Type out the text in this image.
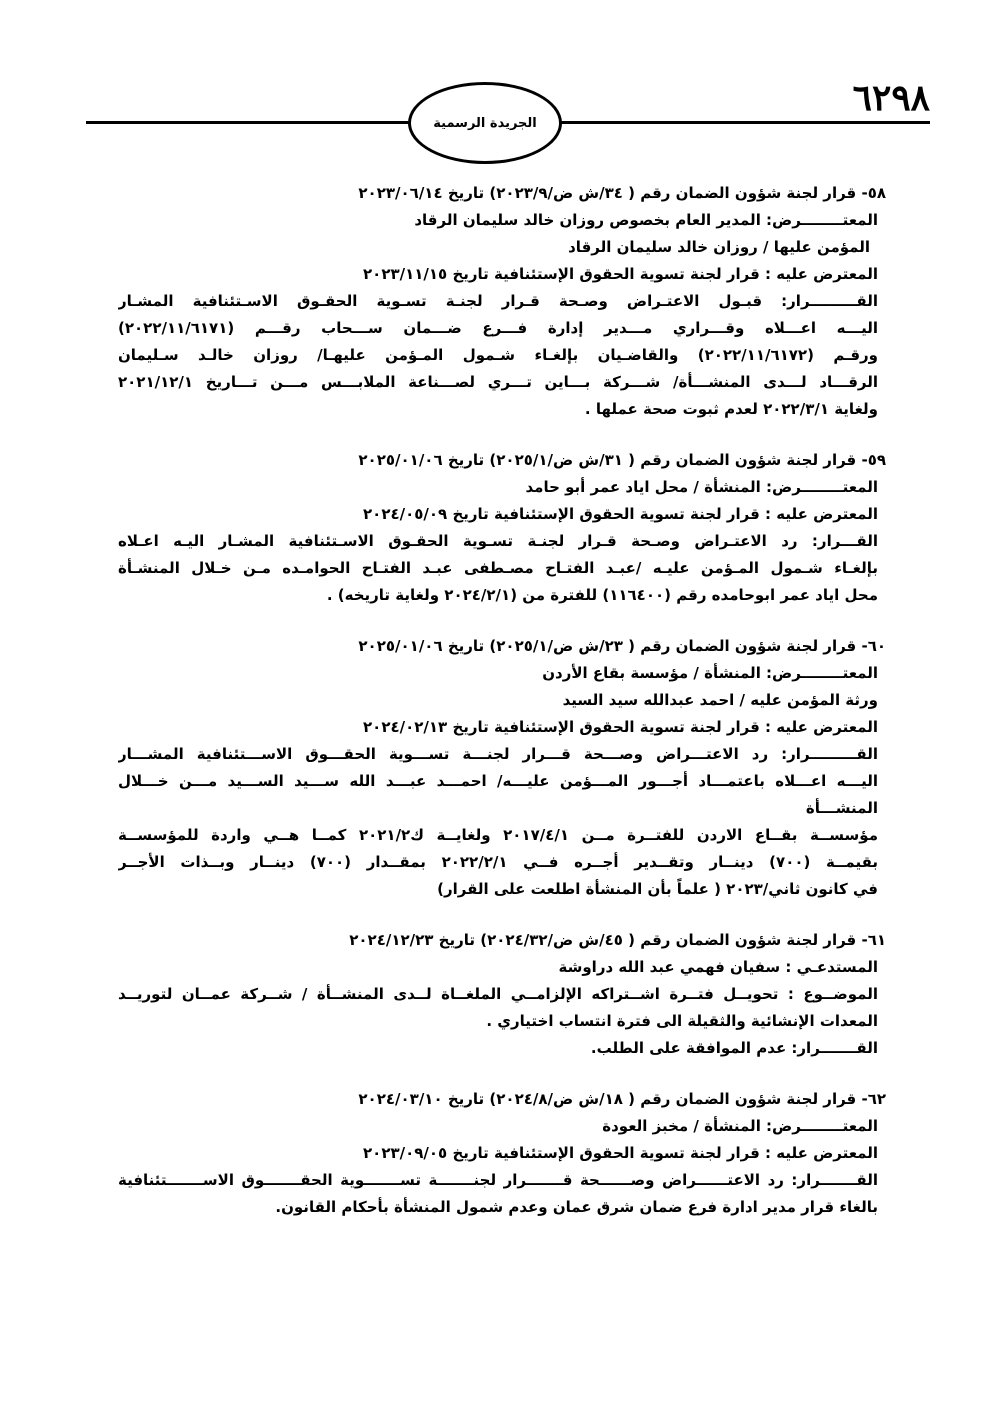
الجريدة الرسمية
٦٢٩٨
٥٨- قرار لجنة شؤون الضمان رقم ( ٣٤/ش ض/٢٠٢٣/٩) تاريخ ٢٠٢٣/٠٦/١٤
المعتــــــــرض: المدير العام بخصوص روزان خالد سليمان الرقاد
المؤمن عليها / روزان خالد سليمان الرقاد
المعترض عليه : قرار لجنة تسوية الحقوق الإستئنافية تاريخ ٢٠٢٣/١١/١٥
القـــــــــرار: قبـول الاعتـراض وصـحة قـرار لجنـة تسـوية الحقـوق الاسـتئنافية المشـار
اليـــه اعـــلاه وقـــراري مـــدير إدارة فـــرع ضـــمان ســـحاب رقـــم (٢٠٢٢/١١/٦١٧١)
ورقـم (٢٠٢٢/١١/٦١٧٢) والقاضـيان بإلغـاء شـمول المـؤمن عليهـا/ روزان خالـد سـليمان
الرقـــاد لـــدى المنشـــأة/ شـــركة بـــاين تـــري لصـــناعة الملابـــس مـــن تـــاريخ ٢٠٢١/١٢/١
ولغاية ٢٠٢٢/٣/١ لعدم ثبوت صحة عملها .
٥٩- قرار لجنة شؤون الضمان رقم ( ٣١/ش ض/٢٠٢٥/١) تاريخ ٢٠٢٥/٠١/٠٦
المعتــــــــرض: المنشأة / محل اياد عمر أبو حامد
المعترض عليه : قرار لجنة تسوية الحقوق الإستئنافية تاريخ ٢٠٢٤/٠٥/٠٩
القـــرار: رد الاعتـراض وصـحة قـرار لجنـة تسـوية الحقـوق الاسـتئنافية المشـار اليـه اعـلاه
بإلغـاء شـمول المـؤمن عليـه /عبـد الفتـاح مصـطفى عبـد الفتـاح الحوامـده مـن خـلال المنشـأة
محل اياد عمر ابوحامده رقم (١١٦٤٠٠) للفترة من (٢٠٢٤/٢/١ ولغاية تاريخه) .
٦٠- قرار لجنة شؤون الضمان رقم ( ٢٣/ش ض/٢٠٢٥/١) تاريخ ٢٠٢٥/٠١/٠٦
المعتــــــــرض: المنشأة / مؤسسة بقاع الأردن
ورثة المؤمن عليه / احمد عبدالله سيد السيد
المعترض عليه : قرار لجنة تسوية الحقوق الإستئنافية تاريخ ٢٠٢٤/٠٢/١٣
القـــــــــرار: رد الاعتـــراض وصـــحة قـــرار لجنـــة تســـوية الحقـــوق الاســـتئنافية المشـــار
اليـــه اعـــلاه باعتمـــاد أجـــور المـــؤمن عليـــه/ احمـــد عبـــد الله ســـيد الســـيد مـــن خـــلال المنشـــأة
مؤسســة بقــاع الاردن للفتــرة مــن ٢٠١٧/٤/١ ولغايــة ك٢٠٢١/٢ كمــا هــي واردة للمؤسســة
بقيمــة (٧٠٠) دينــار وتقــدير أجــره فــي ٢٠٢٢/٢/١ بمقــدار (٧٠٠) دينــار وبــذات الأجــر
في كانون ثاني/٢٠٢٣ ( علماً بأن المنشأة اطلعت على القرار)
٦١- قرار لجنة شؤون الضمان رقم ( ٤٥/ش ض/٢٠٢٤/٣٢) تاريخ ٢٠٢٤/١٢/٢٣
المستدعـي : سفيان فهمي عبد الله دراوشة
الموضــوع : تحويــل فتــرة اشــتراكه الإلزامــي الملغــاة لــدى المنشــأة / شــركة عمــان لتوريــد
المعدات الإنشائية والثقيلة الى فترة انتساب اختياري .
القـــــــرار: عدم الموافقة على الطلب.
٦٢- قرار لجنة شؤون الضمان رقم ( ١٨/ش ض/٢٠٢٤/٨) تاريخ ٢٠٢٤/٠٣/١٠
المعتــــــــرض: المنشأة / مخبز العودة
المعترض عليه : قرار لجنة تسوية الحقوق الإستئنافية تاريخ ٢٠٢٣/٠٩/٠٥
القـــــــرار: رد الاعتــــــراض وصــــــحة قـــــــرار لجنـــــــة تســـــــوية الحقـــــــوق الاســـــــتئنافية
بالغاء قرار مدير ادارة فرع ضمان شرق عمان وعدم شمول المنشأة بأحكام القانون.
